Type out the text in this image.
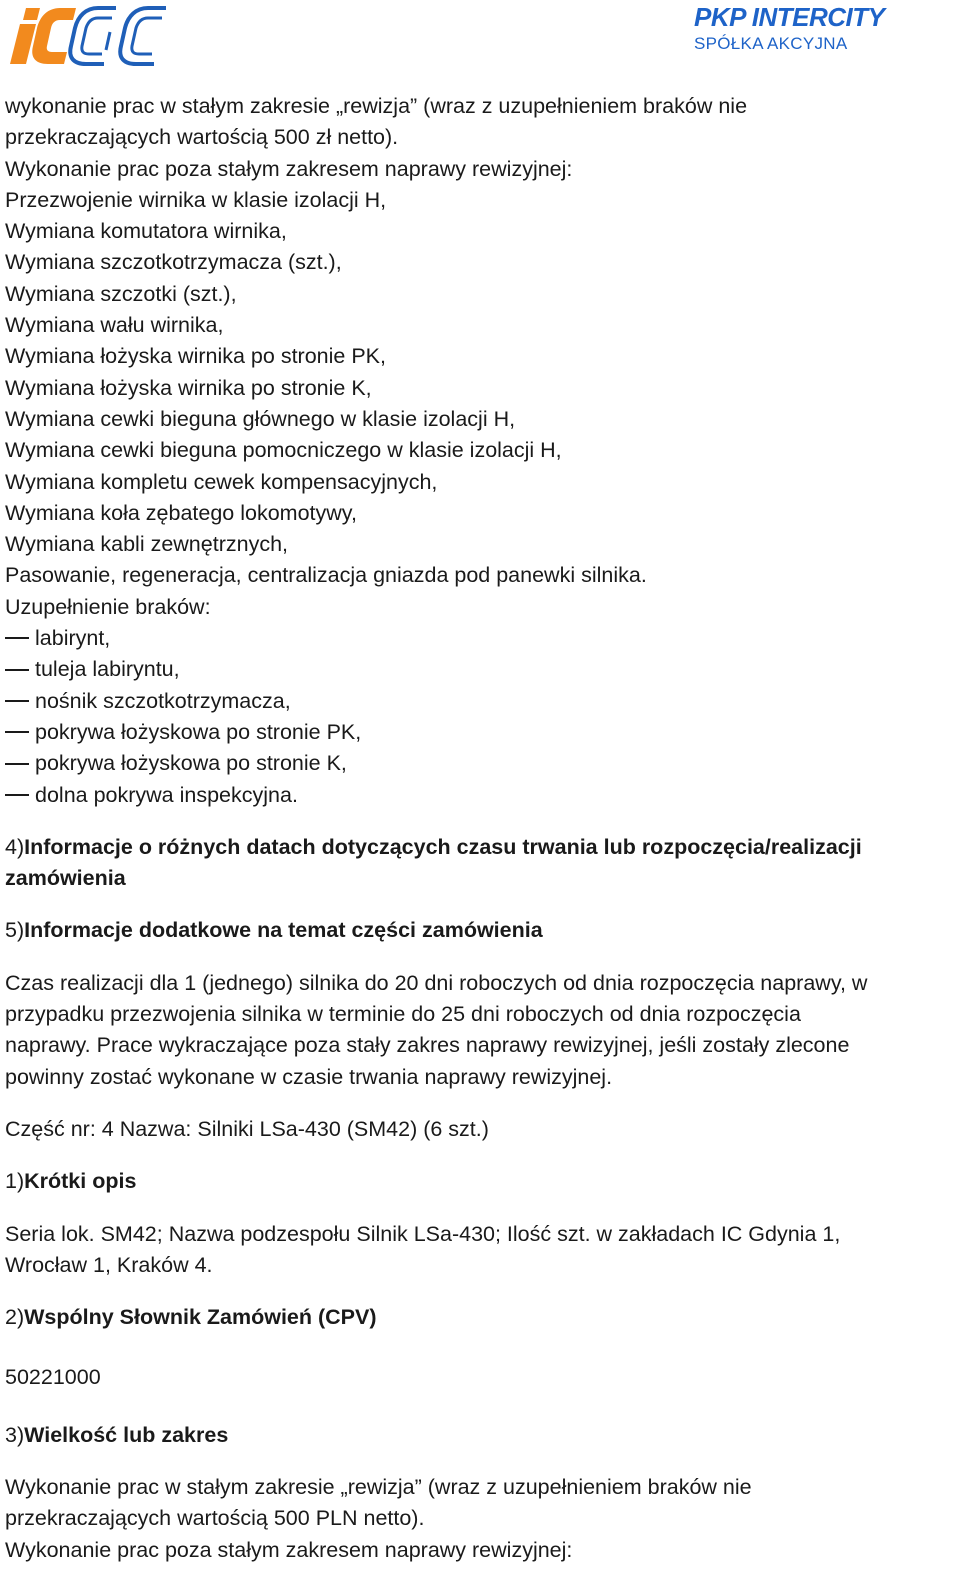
PKP INTERCITY
SPÓŁKA AKCYJNA

wykonanie prac w stałym zakresie „rewizja” (wraz z uzupełnieniem braków nie

przekraczających wartością 500 zł netto).

Wykonanie prac poza stałym zakresem naprawy rewizyjnej:

Przezwojenie wirnika w klasie izolacji H,

Wymiana komutatora wirnika,

Wymiana szczotkotrzymacza (szt.),

Wymiana szczotki (szt.),

Wymiana wału wirnika,

Wymiana łożyska wirnika po stronie PK,

Wymiana łożyska wirnika po stronie K,

Wymiana cewki bieguna głównego w klasie izolacji H,

Wymiana cewki bieguna pomocniczego w klasie izolacji H,

Wymiana kompletu cewek kompensacyjnych,

Wymiana koła zębatego lokomotywy,

Wymiana kabli zewnętrznych,

Pasowanie, regeneracja, centralizacja gniazda pod panewki silnika.

Uzupełnienie braków:

labirynt,

tuleja labiryntu,

nośnik szczotkotrzymacza,

pokrywa łożyskowa po stronie PK,

pokrywa łożyskowa po stronie K,

dolna pokrywa inspekcyjna.

4)Informacje o różnych datach dotyczących czasu trwania lub rozpoczęcia/realizacji

zamówienia

5)Informacje dodatkowe na temat części zamówienia

Czas realizacji dla 1 (jednego) silnika do 20 dni roboczych od dnia rozpoczęcia naprawy, w

przypadku przezwojenia silnika w terminie do 25 dni roboczych od dnia rozpoczęcia

naprawy. Prace wykraczające poza stały zakres naprawy rewizyjnej, jeśli zostały zlecone

powinny zostać wykonane w czasie trwania naprawy rewizyjnej.

Część nr: 4 Nazwa: Silniki LSa-430 (SM42) (6 szt.)

1)Krótki opis

Seria lok. SM42; Nazwa podzespołu Silnik LSa-430; Ilość szt. w zakładach IC Gdynia 1,

Wrocław 1, Kraków 4.

2)Wspólny Słownik Zamówień (CPV)

50221000

3)Wielkość lub zakres

Wykonanie prac w stałym zakresie „rewizja” (wraz z uzupełnieniem braków nie

przekraczających wartością 500 PLN netto).

Wykonanie prac poza stałym zakresem naprawy rewizyjnej:
